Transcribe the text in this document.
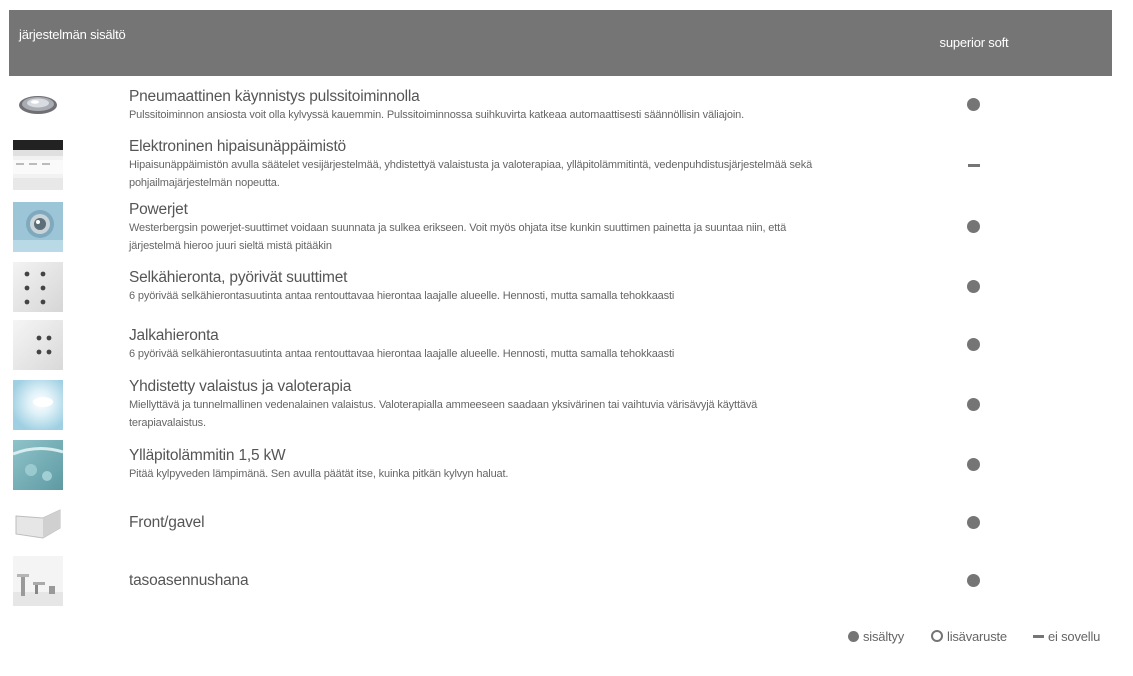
järjestelmän sisältö
superior soft
Pneumaattinen käynnistys pulssitoiminnolla
Pulssitoiminnon ansiosta voit olla kylvyssä kauemmin. Pulssitoiminnossa suihkuvirta katkeaa automaattisesti säännöllisin väliajoin.
Elektroninen hipaisunäppäimistö
Hipaisunäppäimistön avulla säätelet vesijärjestelmää, yhdistettyä valaistusta ja valoterapiaa, ylläpitolämmitintä, vedenpuhdistusjärjestelmää sekä pohjailmajärjestelmän nopeutta.
Powerjet
Westerbergsin powerjet-suuttimet voidaan suunnata ja sulkea erikseen. Voit myös ohjata itse kunkin suuttimen painetta ja suuntaa niin, että järjestelmä hieroo juuri sieltä mistä pitääkin
Selkähieronta, pyörivät suuttimet
6 pyörivää selkähierontasuutinta antaa rentouttavaa hierontaa laajalle alueelle. Hennosti, mutta samalla tehokkaasti
Jalkahieronta
6 pyörivää selkähierontasuutinta antaa rentouttavaa hierontaa laajalle alueelle. Hennosti, mutta samalla tehokkaasti
Yhdistetty valaistus ja valoterapia
Miellyttävä ja tunnelmallinen vedenalainen valaistus. Valoterapialla ammeeseen saadaan yksivärinen tai vaihtuvia värisävyjä käyttävä terapiavalaistus.
Ylläpitolämmitin 1,5 kW
Pitää kylpyveden lämpimänä. Sen avulla päätät itse, kuinka pitkän kylvyn haluat.
Front/gavel
tasoasennushana
sisältyy	lisävaruste	ei sovellu
